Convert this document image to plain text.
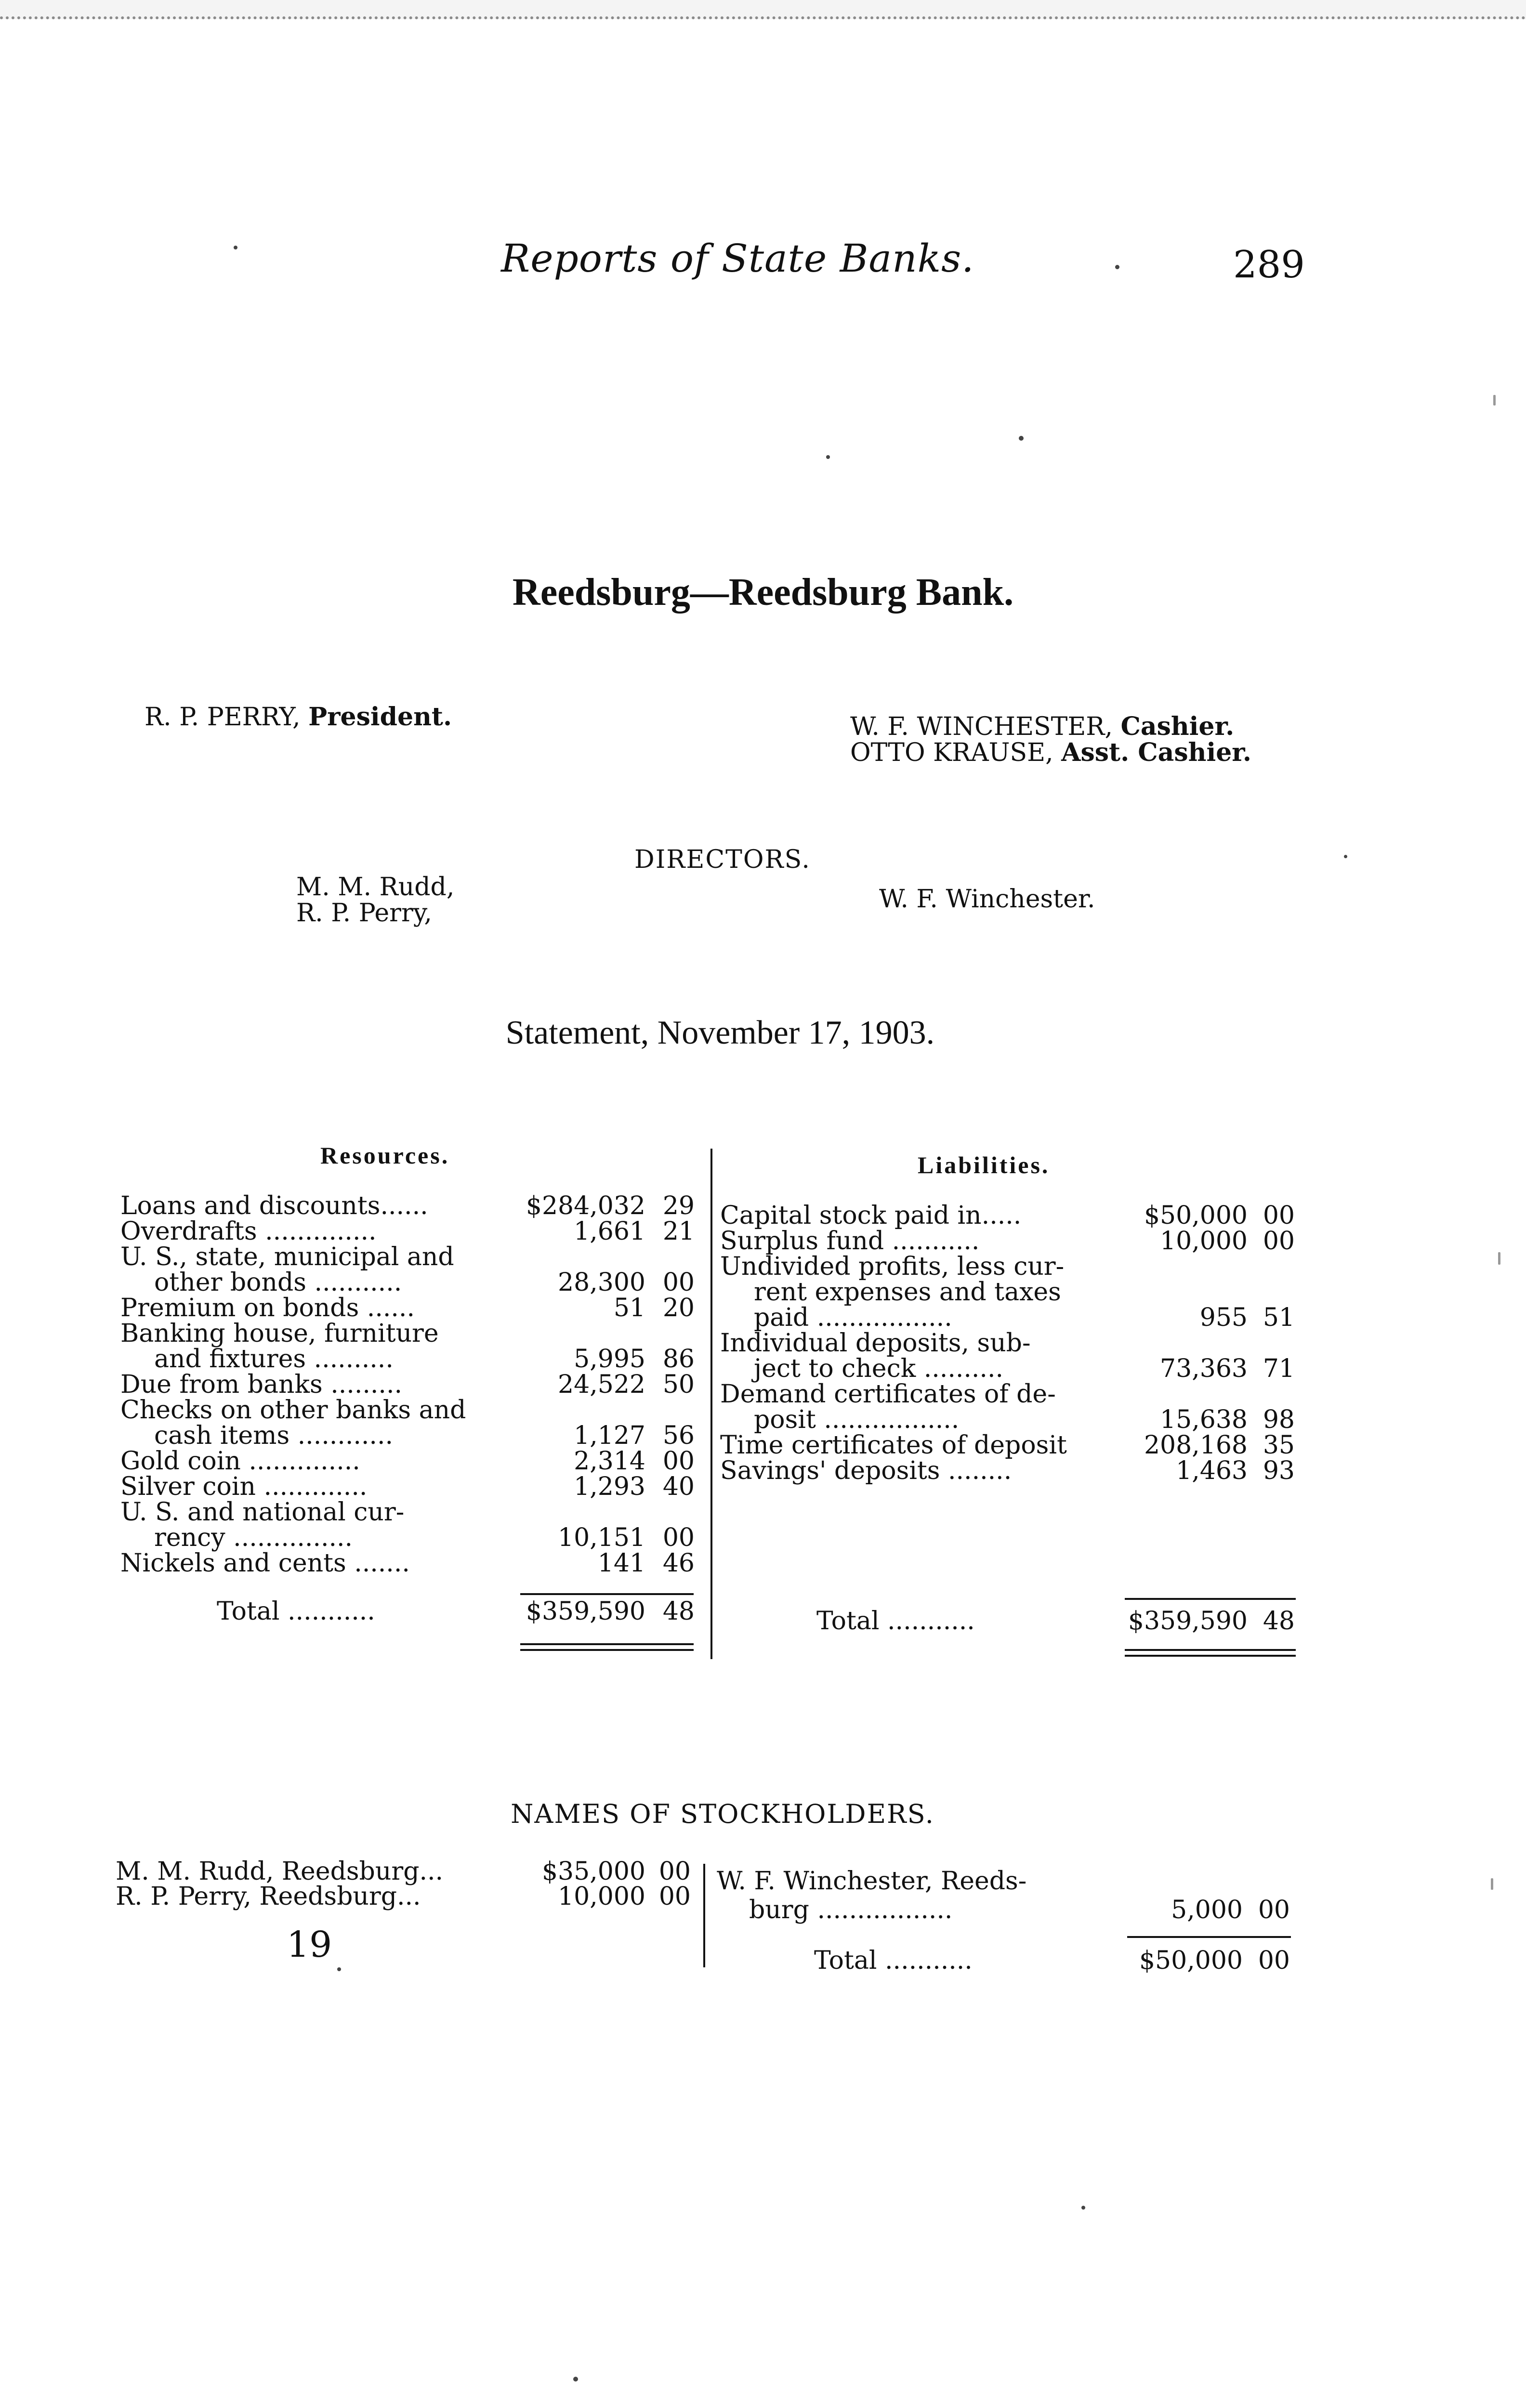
Reports of State Banks.	289
Reedsburg—Reedsburg Bank.
R. P. PERRY, President.	W. F. WINCHESTER, Cashier.
OTTO KRAUSE, Asst. Cashier.
DIRECTORS.
M. M. Rudd,
R. P. Perry,	W. F. Winchester.
Statement, November 17, 1903.
Resources.	Liabilities.
Loans and discounts......	$284,032 29
Overdrafts ..............	1,661 21
U. S., state, municipal and
other bonds ...........	28,300 00
Premium on bonds ......	51 20
Banking house, furniture
and fixtures ..........	5,995 86
Due from banks .........	24,522 50
Checks on other banks and
cash items ............	1,127 56
Gold coin ..............	2,314 00
Silver coin .............	1,293 40
U. S. and national cur-
rency ...............	10,151 00
Nickels and cents .......	141 46
Capital stock paid in.....	$50,000 00
Surplus fund ...........	10,000 00
Undivided profits, less cur-
rent expenses and taxes
paid .................	955 51
Individual deposits, sub-
ject to check ..........	73,363 71
Demand certificates of de-
posit .................	15,638 98
Time certificates of deposit	208,168 35
Savings' deposits ........	1,463 93
Total ...........	$359,590 48	Total ...........	$359,590 48
NAMES OF STOCKHOLDERS.
M. M. Rudd, Reedsburg...	$35,000 00
R. P. Perry, Reedsburg...	10,000 00
W. F. Winchester, Reeds-
burg .................	5,000 00
Total ...........	$50,000 00
19
